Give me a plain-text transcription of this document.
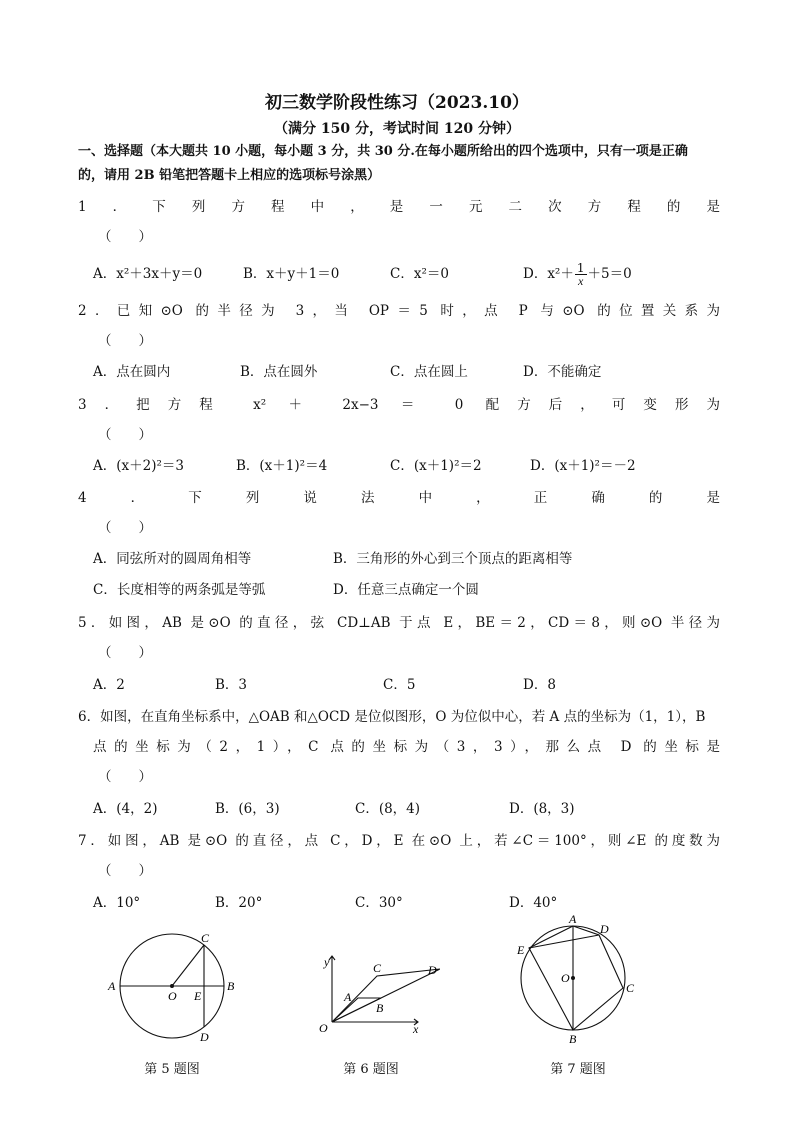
初三数学阶段性练习（2023.10）
（满分 150 分，考试时间 120 分钟）
一、选择题（本大题共 10 小题，每小题 3 分，共 30 分.在每小题所给出的四个选项中，只有一项是正确
的，请用 2B 铅笔把答题卡上相应的选项标号涂黑）
1．下列方程中，是一元二次方程的是
（　　）
A．x²＋3x＋y＝0	B．x＋y＋1＝0	C．x²＝0	D．$x^2+ \frac{1}{x} +5=0$
2．已知⊙O 的半径为 3，当 OP＝5 时，点 P 与⊙O 的位置关系为
（　　）
A．点在圆内	B．点在圆外	C．点在圆上	D．不能确定
3．把方程 x² ＋ 2x−3 ＝ 0 配方后，可变形为
（　　）
A．(x＋2)²＝3	B．(x＋1)²＝4	C．(x＋1)²＝2	D．(x＋1)²＝－2
4．下列说法中，正确的是
（　　）
A．同弦所对的圆周角相等	B．三角形的外心到三个顶点的距离相等
C．长度相等的两条弧是等弧	D．任意三点确定一个圆
5．如图，AB 是⊙O 的直径，弦 CD⊥AB 于点 E，BE＝2，CD＝8，则⊙O 半径为
（　　）
A．2	B．3	C．5	D．8
6．如图，在直角坐标系中，△OAB 和△OCD 是位似图形，O 为位似中心，若 A 点的坐标为（1，1），B
点的坐标为（2，1），C 点的坐标为（3，3），那么点 D 的坐标是
（　　）
A．(4，2)	B．(6，3)	C．(8，4)	D．(8，3)
7．如图，AB 是⊙O 的直径，点 C，D，E 在⊙O 上，若∠C＝100°，则∠E 的度数为
（　　）
A．10°	B．20°	C．30°	D．40°
A	B
C
D
E
O
第 5 题图
y
x
O
A
B
C	D
第 6 题图
A
B
C
D
E
O
第 7 题图
